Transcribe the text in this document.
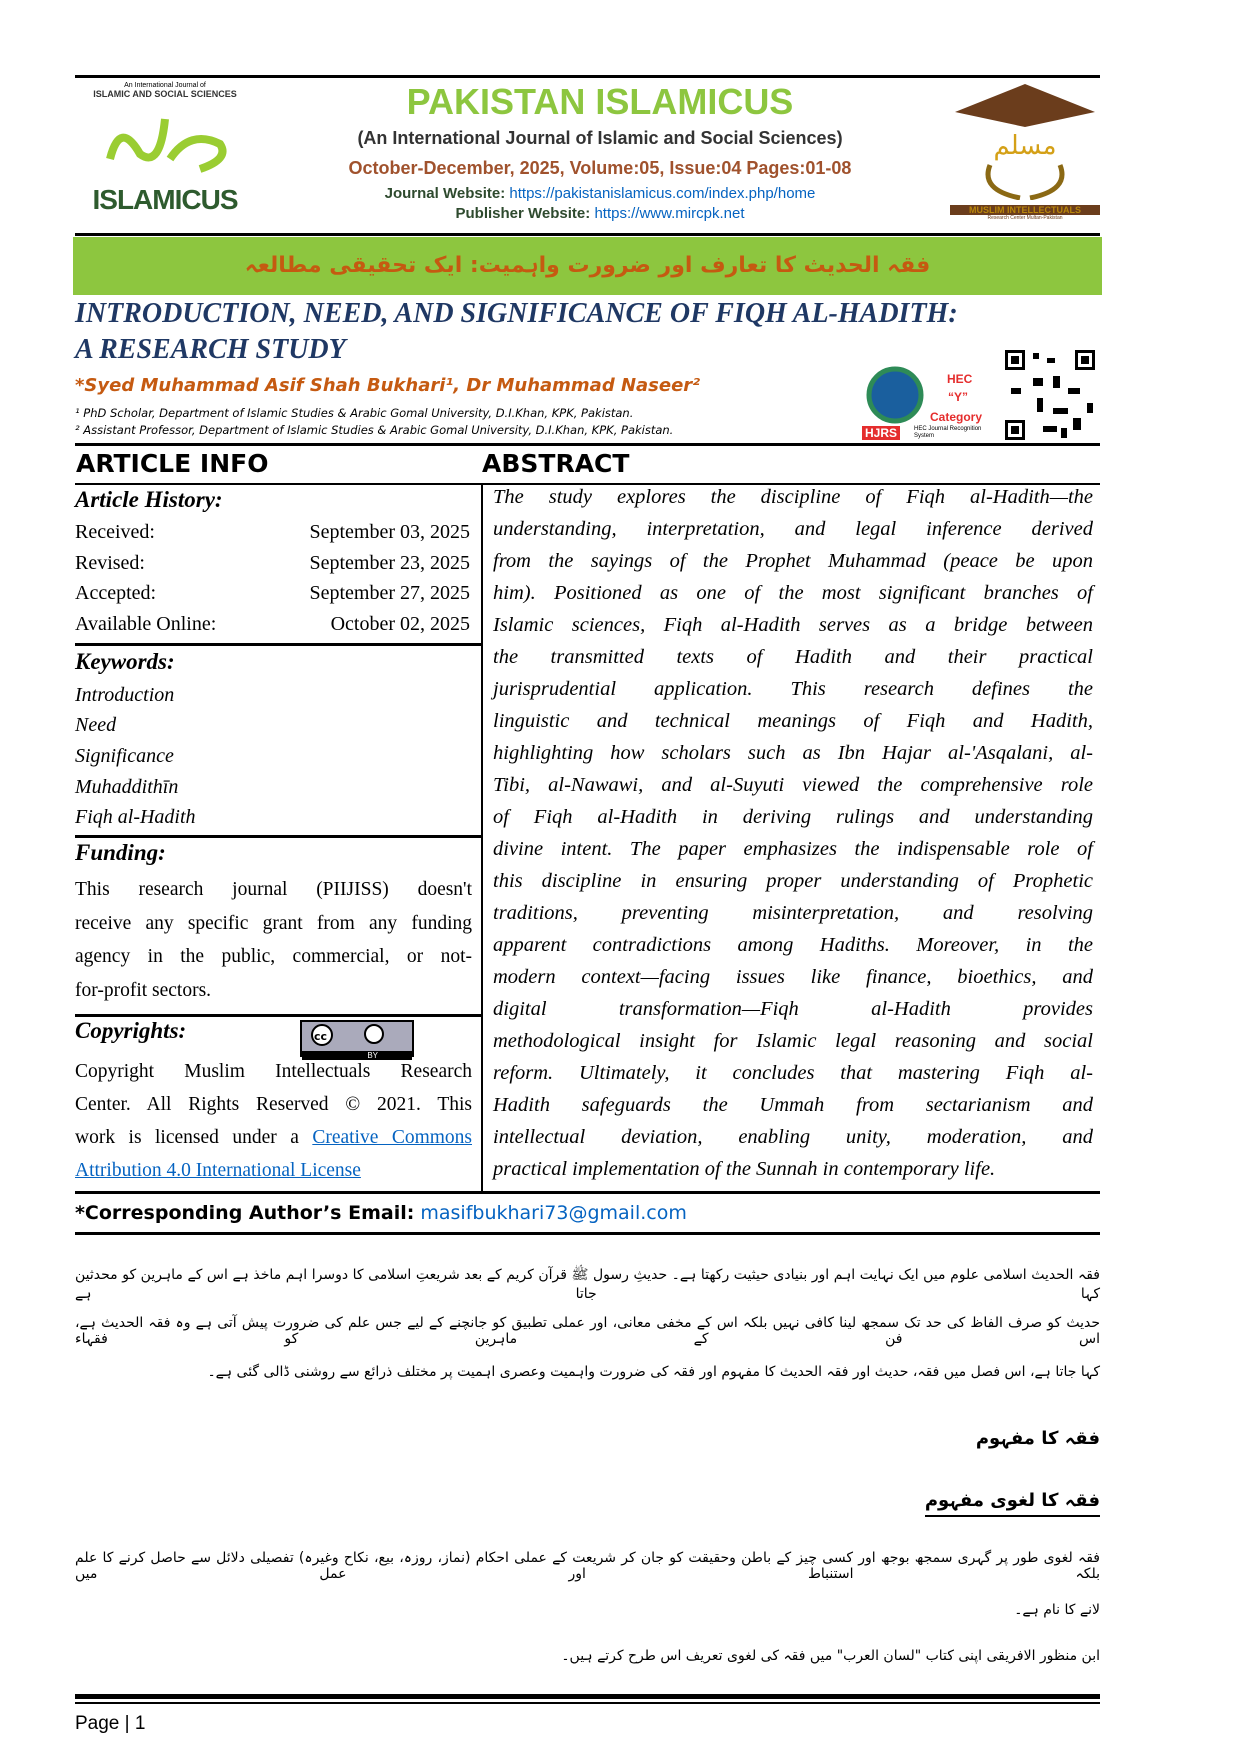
An International Journal of
ISLAMIC AND SOCIAL SCIENCES
ISLAMICUS
PAKISTAN ISLAMICUS
(An International Journal of Islamic and Social Sciences)
October-December, 2025, Volume:05, Issue:04 Pages:01-08
Journal Website: https://pakistanislamicus.com/index.php/home
Publisher Website: https://www.mircpk.net
مسلم
MUSLIM INTELLECTUALS
Research Center Multan-Pakistan
فقہ الحدیث کا تعارف اور ضرورت واہمیت: ایک تحقیقی مطالعہ
INTRODUCTION, NEED, AND SIGNIFICANCE OF FIQH AL-HADITH:
A RESEARCH STUDY
*Syed Muhammad Asif Shah Bukhari¹, Dr Muhammad Naseer²
¹ PhD Scholar, Department of Islamic Studies & Arabic Gomal University, D.I.Khan, KPK, Pakistan.
² Assistant Professor, Department of Islamic Studies & Arabic Gomal University, D.I.Khan, KPK, Pakistan.
HEC
“Y”
Category
HJRS	HEC Journal Recognition System
ARTICLE INFO	ABSTRACT
Article History:
Received:	September 03, 2025
Revised:	September 23, 2025
Accepted:	September 27, 2025
Available Online:	October 02, 2025
Keywords:
Introduction
Need
Significance
Muhaddithīn
Fiqh al-Hadith
Funding:
This research journal (PIIJISS) doesn't
receive any specific grant from any funding
agency in the public, commercial, or not-
for-profit sectors.
Copyrights:	cc
BY
Copyright Muslim Intellectuals Research
Center. All Rights Reserved © 2021. This
work is licensed under a Creative Commons
Attribution 4.0 International License
The study explores the discipline of Fiqh al-Hadith—the
understanding, interpretation, and legal inference derived
from the sayings of the Prophet Muhammad (peace be upon
him). Positioned as one of the most significant branches of
Islamic sciences, Fiqh al-Hadith serves as a bridge between
the transmitted texts of Hadith and their practical
jurisprudential application. This research defines the
linguistic and technical meanings of Fiqh and Hadith,
highlighting how scholars such as Ibn Hajar al-'Asqalani, al-
Tibi, al-Nawawi, and al-Suyuti viewed the comprehensive role
of Fiqh al-Hadith in deriving rulings and understanding
divine intent. The paper emphasizes the indispensable role of
this discipline in ensuring proper understanding of Prophetic
traditions, preventing misinterpretation, and resolving
apparent contradictions among Hadiths. Moreover, in the
modern context—facing issues like finance, bioethics, and
digital transformation—Fiqh al-Hadith provides
methodological insight for Islamic legal reasoning and social
reform. Ultimately, it concludes that mastering Fiqh al-
Hadith safeguards the Ummah from sectarianism and
intellectual deviation, enabling unity, moderation, and
practical implementation of the Sunnah in contemporary life.
*Corresponding Author’s Email: masifbukhari73@gmail.com
فقہ الحدیث اسلامی علوم میں ایک نہایت اہم اور بنیادی حیثیت رکھتا ہے۔ حدیثِ رسول ﷺ قرآن کریم کے بعد شریعتِ اسلامی کا دوسرا اہم ماخذ ہے اس کے ماہرین کو محدثین کہا جاتا ہے
حدیث کو صرف الفاظ کی حد تک سمجھ لینا کافی نہیں بلکہ اس کے مخفی معانی، اور عملی تطبیق کو جانچنے کے لیے جس علم کی ضرورت پیش آتی ہے وہ فقہ الحدیث ہے، اس فن کے ماہرین کو فقہاء
کہا جاتا ہے، اس فصل میں فقہ، حدیث اور فقہ الحدیث کا مفہوم اور فقہ کی ضرورت واہمیت وعصری اہمیت پر مختلف ذرائع سے روشنی ڈالی گئی ہے۔
فقہ کا مفہوم
فقہ کا لغوی مفہوم
فقہ لغوی طور پر گہری سمجھ بوجھ اور کسی چیز کے باطن وحقیقت کو جان کر شریعت کے عملی احکام (نماز، روزہ، بیع، نکاح وغیرہ) تفصیلی دلائل سے حاصل کرنے کا علم بلکہ استنباط اور عمل میں
لانے کا نام ہے۔
ابن منظور الافریقی اپنی کتاب "لسان العرب" میں فقہ کی لغوی تعریف اس طرح کرتے ہیں۔
Page | 1
